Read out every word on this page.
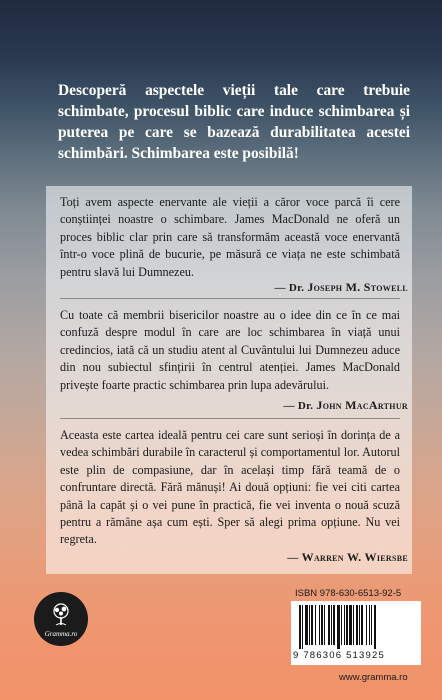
Descoperă aspectele vieții tale care trebuie schimbate, procesul biblic care induce schimbarea și puterea pe care se bazează durabilitatea acestei schimbări. Schimbarea este posibilă!

Toți avem aspecte enervante ale vieții a căror voce parcă îi cere conștiinței noastre o schimbare. James MacDonald ne oferă un proces biblic clar prin care să transformăm această voce enervantă într-o voce plină de bucurie, pe măsură ce viața ne este schimbată pentru slavă lui Dumnezeu.

— Dr. Joseph M. Stowell

Cu toate că membrii bisericilor noastre au o idee din ce în ce mai confuză despre modul în care are loc schimbarea în viață unui credincios, iată că un studiu atent al Cuvântului lui Dumnezeu aduce din nou subiectul sfințirii în centrul atenției. James MacDonald privește foarte practic schimbarea prin lupa adevărului.

— Dr. John MacArthur

Aceasta este cartea ideală pentru cei care sunt serioși în dorința de a vedea schimbări durabile în caracterul și comportamentul lor. Autorul este plin de compasiune, dar în același timp fără teamă de o confruntare directă. Fără mănuși! Ai două opțiuni: fie vei citi cartea până la capăt și o vei pune în practică, fie vei inventa o nouă scuză pentru a rămâne așa cum ești. Sper să alegi prima opțiune. Nu vei regreta.

— Warren W. Wiersbe
Gramma.ro
ISBN 978-630-6513-92-5
9 786306 513925
www.gramma.ro
